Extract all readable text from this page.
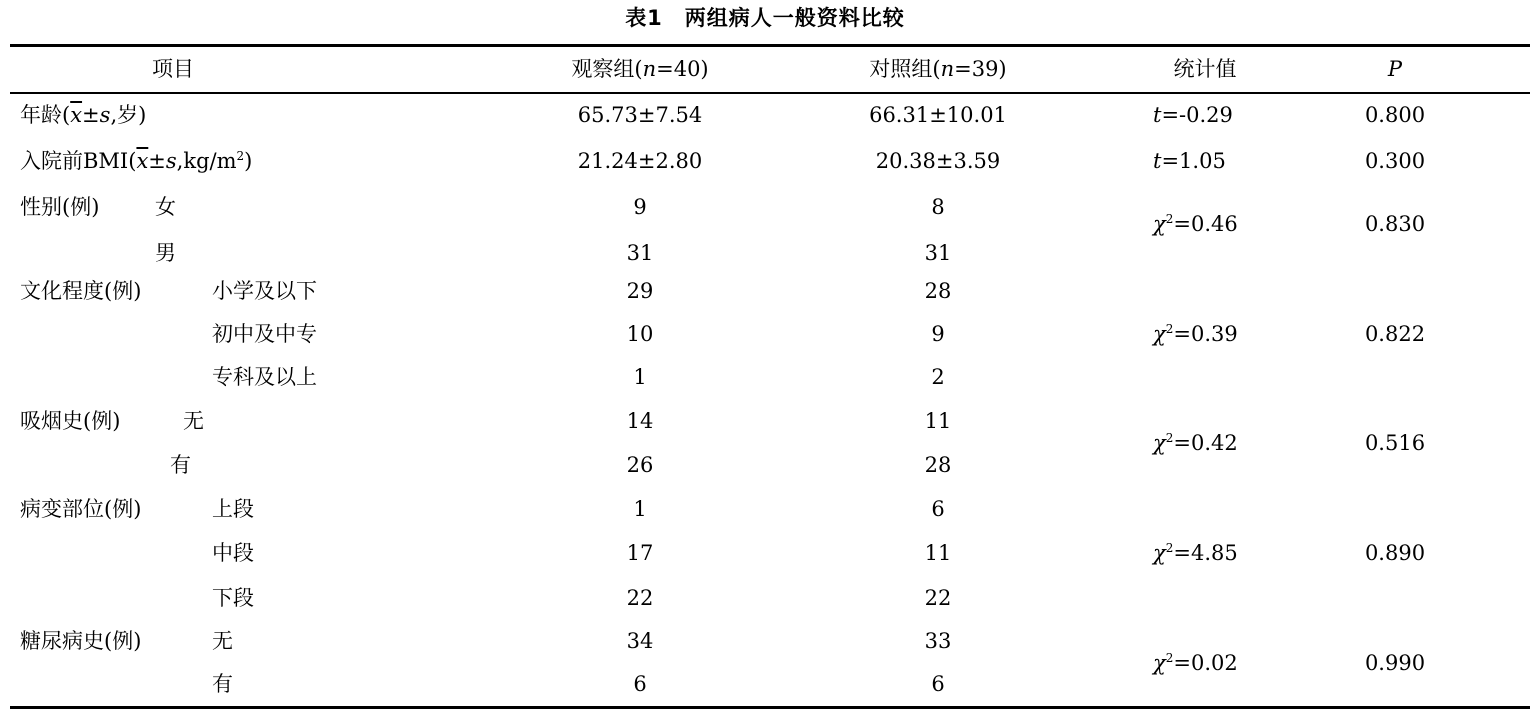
表1　两组病人一般资料比较
项目	观察组(n=40)	对照组(n=39)	统计值	P
年龄($\overline{x}\pm s$,岁)	65.73±7.54	66.31±10.01	t=-0.29	0.800
入院前$BMI(\overline{x}\pm s,kg/m^2)$	21.24±2.80	20.38±3.59	t=1.05	0.300
性别(例)	女	9	8
男	31	31
$\chi^2=0.46$	0.830
文化程度(例)	小学及以下	29	28
初中及中专	10	9
专科及以上	1	2
$\chi^2=0.39$	0.822
吸烟史(例)	无	14	11
有	26	28
$\chi^2=0.42$	0.516
病变部位(例)	上段	1	6
中段	17	11
下段	22	22
$\chi^2=4.85$	0.890
糖尿病史(例)	无	34	33
有	6	6
$\chi^2=0.02$	0.990
